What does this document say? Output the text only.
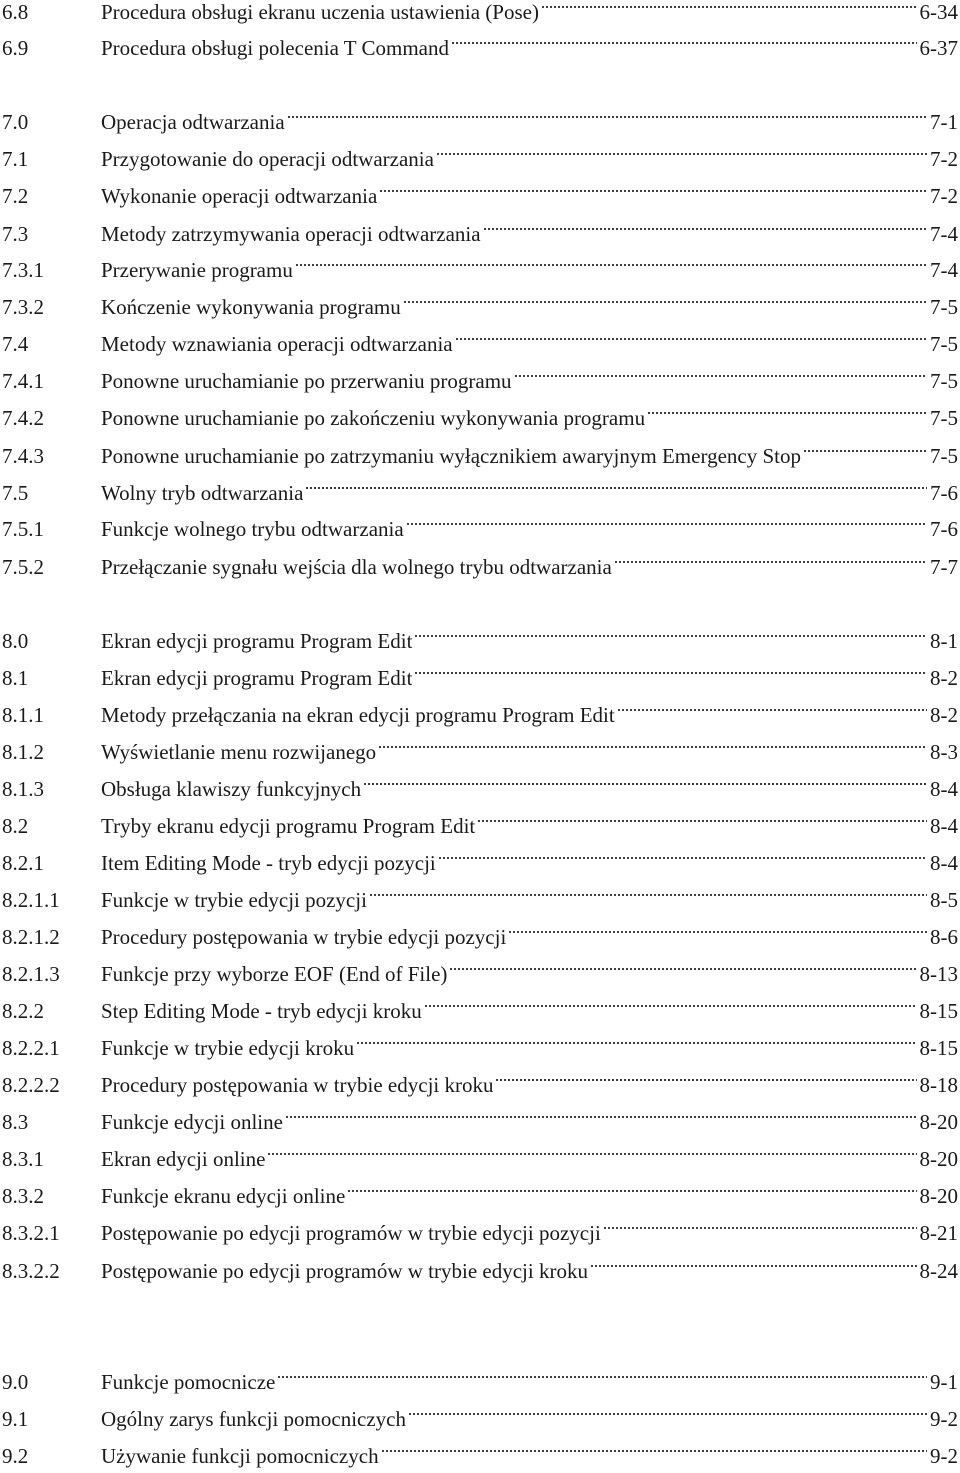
6.8	Procedura obsługi ekranu uczenia ustawienia (Pose)	6-34
6.9	Procedura obsługi polecenia T Command	6-37
7.0	Operacja odtwarzania	7-1
7.1	Przygotowanie do operacji odtwarzania	7-2
7.2	Wykonanie operacji odtwarzania	7-2
7.3	Metody zatrzymywania operacji odtwarzania	7-4
7.3.1	Przerywanie programu	7-4
7.3.2	Kończenie wykonywania programu	7-5
7.4	Metody wznawiania operacji odtwarzania	7-5
7.4.1	Ponowne uruchamianie po przerwaniu programu	7-5
7.4.2	Ponowne uruchamianie po zakończeniu wykonywania programu	7-5
7.4.3	Ponowne uruchamianie po zatrzymaniu wyłącznikiem awaryjnym Emergency Stop	7-5
7.5	Wolny tryb odtwarzania	7-6
7.5.1	Funkcje wolnego trybu odtwarzania	7-6
7.5.2	Przełączanie sygnału wejścia dla wolnego trybu odtwarzania	7-7
8.0	Ekran edycji programu Program Edit	8-1
8.1	Ekran edycji programu Program Edit	8-2
8.1.1	Metody przełączania na ekran edycji programu Program Edit	8-2
8.1.2	Wyświetlanie menu rozwijanego	8-3
8.1.3	Obsługa klawiszy funkcyjnych	8-4
8.2	Tryby ekranu edycji programu Program Edit	8-4
8.2.1	Item Editing Mode - tryb edycji pozycji	8-4
8.2.1.1	Funkcje w trybie edycji pozycji	8-5
8.2.1.2	Procedury postępowania w trybie edycji pozycji	8-6
8.2.1.3	Funkcje przy wyborze EOF (End of File)	8-13
8.2.2	Step Editing Mode - tryb edycji kroku	8-15
8.2.2.1	Funkcje w trybie edycji kroku	8-15
8.2.2.2	Procedury postępowania w trybie edycji kroku	8-18
8.3	Funkcje edycji online	8-20
8.3.1	Ekran edycji online	8-20
8.3.2	Funkcje ekranu edycji online	8-20
8.3.2.1	Postępowanie po edycji programów w trybie edycji pozycji	8-21
8.3.2.2	Postępowanie po edycji programów w trybie edycji kroku	8-24
9.0	Funkcje pomocnicze	9-1
9.1	Ogólny zarys funkcji pomocniczych	9-2
9.2	Używanie funkcji pomocniczych	9-2
